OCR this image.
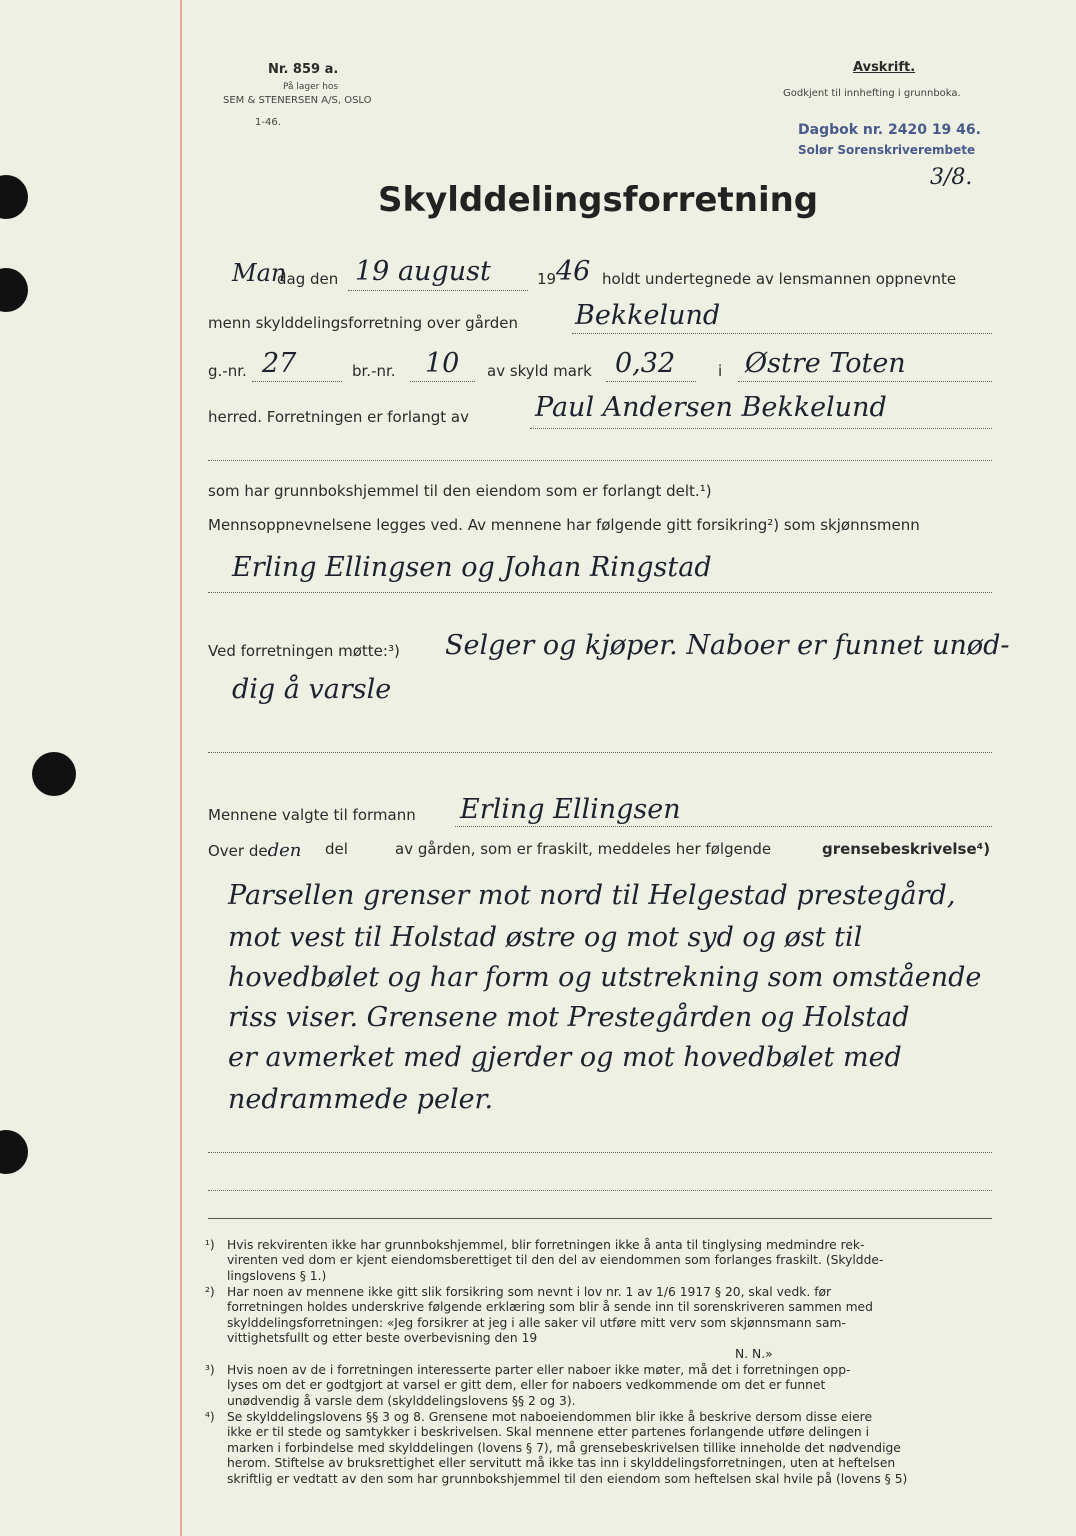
Nr. 859 a.
På lager hos
SEM & STENERSEN A/S, OSLO
1-46.
Avskrift.
Godkjent til innhefting i grunnboka.
Dagbok nr. 2420 19 46.
Solør Sorenskriverembete
3/8.
Skylddelingsforretning
Man
dag den 19 august	19 46 holdt undertegnede av lensmannen oppnevnte
menn skylddelingsforretning over gården Bekkelund
g.-nr. 27	br.-nr. 10 av skyld mark 0,32	i Østre Toten
herred. Forretningen er forlangt av Paul Andersen Bekkelund
som har grunnbokshjemmel til den eiendom som er forlangt delt.¹)
Mennsoppnevnelsene legges ved. Av mennene har følgende gitt forsikring²) som skjønnsmenn
Erling Ellingsen og Johan Ringstad
Ved forretningen møtte:³) Selger og kjøper. Naboer er funnet unød-
dig å varsle
Mennene valgte til formann Erling Ellingsen
Over deden del	av gården, som er fraskilt, meddeles her følgende	grensebeskrivelse⁴)
Parsellen grenser mot nord til Helgestad prestegård,
mot vest til Holstad østre og mot syd og øst til
hovedbølet og har form og utstrekning som omstående
riss viser. Grensene mot Prestegården og Holstad
er avmerket med gjerder og mot hovedbølet med
nedrammede peler.
¹) Hvis rekvirenten ikke har grunnbokshjemmel, blir forretningen ikke å anta til tinglysing medmindre rek-
virenten ved dom er kjent eiendomsberettiget til den del av eiendommen som forlanges fraskilt. (Skyldde-
lingslovens § 1.)
²) Har noen av mennene ikke gitt slik forsikring som nevnt i lov nr. 1 av 1/6 1917 § 20, skal vedk. før
forretningen holdes underskrive følgende erklæring som blir å sende inn til sorenskriveren sammen med
skylddelingsforretningen: «Jeg forsikrer at jeg i alle saker vil utføre mitt verv som skjønnsmann sam-
vittighetsfullt og etter beste overbevisning den 19
N. N.»
³) Hvis noen av de i forretningen interesserte parter eller naboer ikke møter, må det i forretningen opp-
lyses om det er godtgjort at varsel er gitt dem, eller for naboers vedkommende om det er funnet
unødvendig å varsle dem (skylddelingslovens §§ 2 og 3).
⁴) Se skylddelingslovens §§ 3 og 8. Grensene mot naboeiendommen blir ikke å beskrive dersom disse eiere
ikke er til stede og samtykker i beskrivelsen. Skal mennene etter partenes forlangende utføre delingen i
marken i forbindelse med skylddelingen (lovens § 7), må grensebeskrivelsen tillike inneholde det nødvendige
herom. Stiftelse av bruksrettighet eller servitutt må ikke tas inn i skylddelingsforretningen, uten at heftelsen
skriftlig er vedtatt av den som har grunnbokshjemmel til den eiendom som heftelsen skal hvile på (lovens § 5)
